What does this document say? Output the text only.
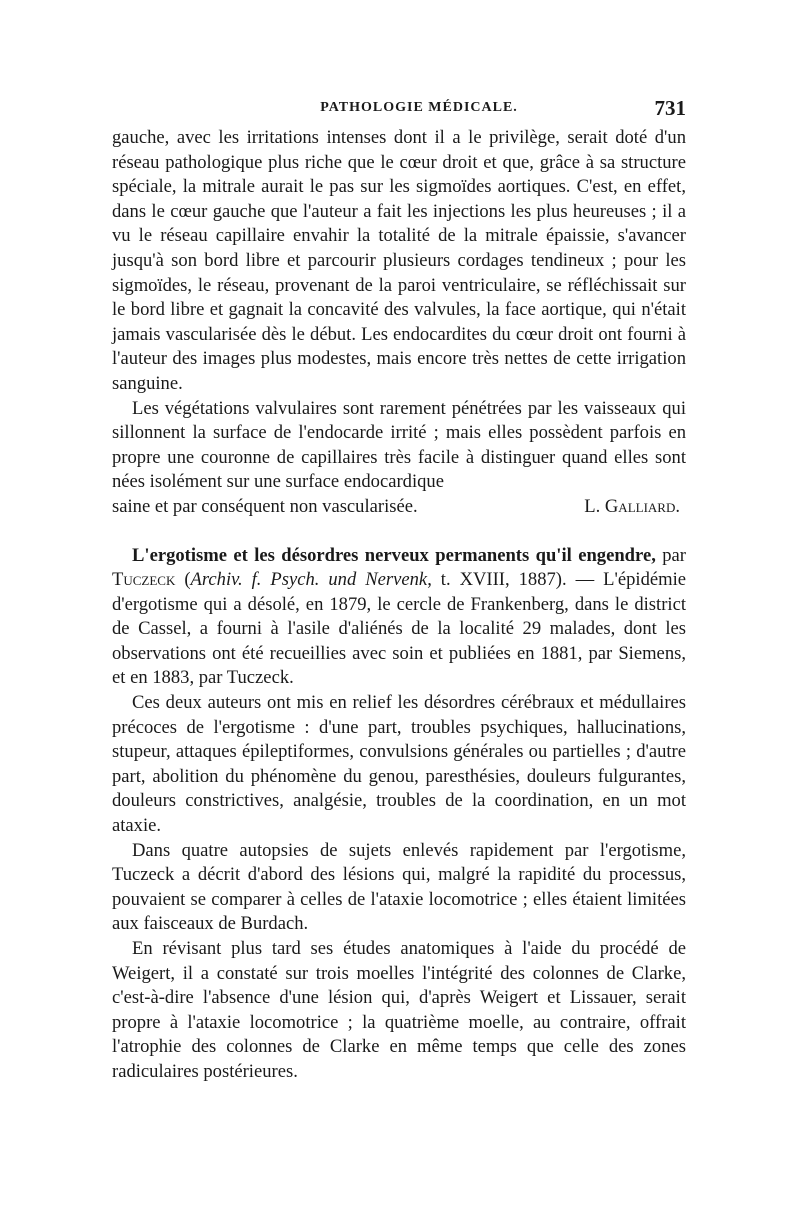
PATHOLOGIE MÉDICALE.	731

gauche, avec les irritations intenses dont il a le privilège, serait doté d'un réseau pathologique plus riche que le cœur droit et que, grâce à sa structure spéciale, la mitrale aurait le pas sur les sigmoïdes aortiques. C'est, en effet, dans le cœur gauche que l'auteur a fait les injections les plus heureuses ; il a vu le réseau capillaire envahir la totalité de la mitrale épaissie, s'avancer jusqu'à son bord libre et parcourir plusieurs cordages tendineux ; pour les sigmoïdes, le réseau, provenant de la paroi ventriculaire, se réfléchissait sur le bord libre et gagnait la concavité des valvules, la face aortique, qui n'était jamais vascularisée dès le début. Les endocardites du cœur droit ont fourni à l'auteur des images plus modestes, mais encore très nettes de cette irrigation sanguine.

Les végétations valvulaires sont rarement pénétrées par les vaisseaux qui sillonnent la surface de l'endocarde irrité ; mais elles possèdent parfois en propre une couronne de capillaires très facile à distinguer quand elles sont nées isolément sur une surface endocardique

saine et par conséquent non vascularisée.	L. Galliard.

L'ergotisme et les désordres nerveux permanents qu'il engendre, par Tuczeck (Archiv. f. Psych. und Nervenk, t. XVIII, 1887). — L'épidémie d'ergotisme qui a désolé, en 1879, le cercle de Frankenberg, dans le district de Cassel, a fourni à l'asile d'aliénés de la localité 29 malades, dont les observations ont été recueillies avec soin et publiées en 1881, par Siemens, et en 1883, par Tuczeck.

Ces deux auteurs ont mis en relief les désordres cérébraux et médullaires précoces de l'ergotisme : d'une part, troubles psychiques, hallucinations, stupeur, attaques épileptiformes, convulsions générales ou partielles ; d'autre part, abolition du phénomène du genou, paresthésies, douleurs fulgurantes, douleurs constrictives, analgésie, troubles de la coordination, en un mot ataxie.

Dans quatre autopsies de sujets enlevés rapidement par l'ergotisme, Tuczeck a décrit d'abord des lésions qui, malgré la rapidité du processus, pouvaient se comparer à celles de l'ataxie locomotrice ; elles étaient limitées aux faisceaux de Burdach.

En révisant plus tard ses études anatomiques à l'aide du procédé de Weigert, il a constaté sur trois moelles l'intégrité des colonnes de Clarke, c'est-à-dire l'absence d'une lésion qui, d'après Weigert et Lissauer, serait propre à l'ataxie locomotrice ; la quatrième moelle, au contraire, offrait l'atrophie des colonnes de Clarke en même temps que celle des zones radiculaires postérieures.
